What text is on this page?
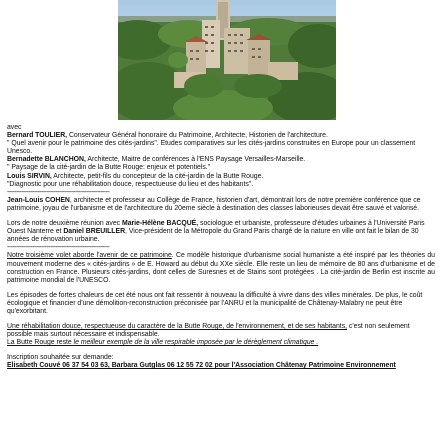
avec

Bernard TOULIER, Conservateur Général honoraire du Patrimoine, Architecte, Historien de l'architecture.

" Quel avenir pour le patrimoine des cités-jardins". Etudes comparatives sur les cités-jardins construites en Europe pour un classement Unesco.

Bernadette BLANCHON, Architecte, Maitre de conférences à l'ENS Paysage Versailles-Marseille.

" Paysage de la cité-jardin de la Butte Rouge: enjeux et potentiels."

Louis SIRVIN, Architecte, petit-fils du concepteur de la cité-jardin de la Butte Rouge.

"Diagnostic pour une réhabilitation douce, respectueuse du lieu et des habitants".

---------------------------------------------------------

Jean-Louis COHEN, architecte et professeur au Collège de France, historien d'art, démontrait lors de notre première conférence que ce patrimoine, joyau de l'urbanisme et de l'architecture du 20eme siècle à destination des classes laborieuses devait être sauvé et valorisé.

Lors de notre deuxième réunion avec Marie-Hélène BACQUÉ, sociologue et urbaniste, professeure d'études urbaines à l'Université Paris Ouest Nanterre et Daniel BREUILLER, Vice-président de la Métropole du Grand Paris chargé de la nature en ville ont fait le bilan de 30 années de rénovation urbaine.

---------------------------------------------------------

Notre troisième volet aborde l'avenir de ce patrimoine. Ce modèle historique d'urbanisme social humaniste a été inspiré par les théories du mouvement moderne des « cités-jardins » de E. Howard au début du XXe siècle. Elle reste un lieu de mémoire de 80 ans d'urbanisme et de construction en France. Plusieurs cités-jardins, dont celles de Suresnes et de Stains sont protégées . La cité-jardin de Berlin est inscrite au patrimoine mondial de l'UNESCO.

Les épisodes de fortes chaleurs de cet été nous ont fait ressentir à nouveau la difficulté à vivre dans des villes minérales. De plus, le coût écologique et financier d'une démolition-reconstruction préconisée par l'ANRU et la municipalité de Châtenay-Malabry ne peut être qu'exorbitant.

Une réhabilitation douce, respectueuse du caractère de la Butte Rouge, de l'environnement, et de ses habitants, c'est non seulement possible mais surtout nécessaire et indispensable.

La Butte Rouge reste le meilleur exemple de la ville respirable imposée par le dérèglement climatique .

Inscription souhaitée sur demande:

Elisabeth Couvé 06 37 54 03 63, Barbara Gutglas 06 12 55 72 02 pour l'Association Châtenay Patrimoine Environnement
